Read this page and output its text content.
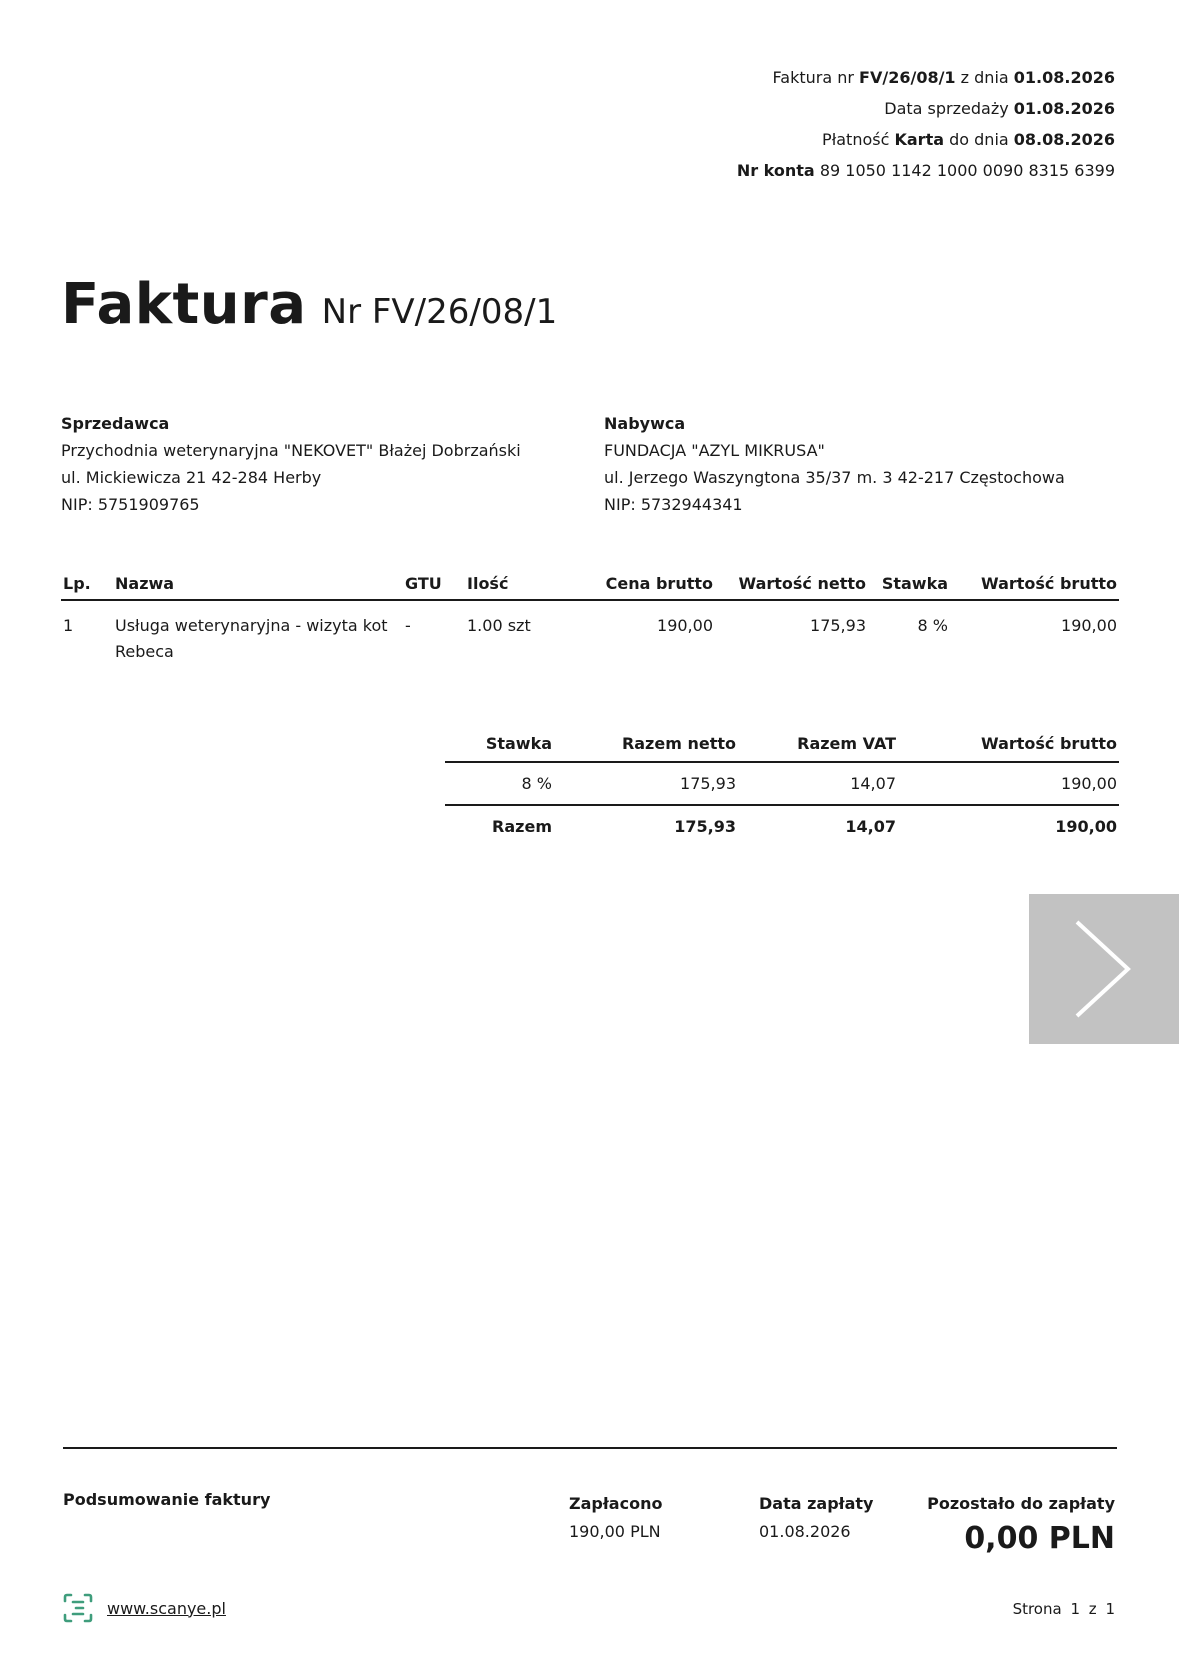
Faktura nr FV/26/08/1 z dnia 01.08.2026
Data sprzedaży 01.08.2026
Płatność Karta do dnia 08.08.2026
Nr konta 89 1050 1142 1000 0090 8315 6399
Faktura Nr FV/26/08/1
Sprzedawca
Przychodnia weterynaryjna "NEKOVET" Błażej Dobrzański
ul. Mickiewicza 21 42-284 Herby
NIP: 5751909765
Nabywca
FUNDACJA "AZYL MIKRUSA"
ul. Jerzego Waszyngtona 35/37 m. 3 42-217 Częstochowa
NIP: 5732944341
Lp.	Nazwa	GTU	Ilość	Cena brutto	Wartość netto	Stawka	Wartość brutto
1	Usługa weterynaryjna - wizyta kot Rebeca	-	1.00 szt	190,00	175,93	8 %	190,00
Stawka	Razem netto	Razem VAT	Wartość brutto
8 %	175,93	14,07	190,00
Razem	175,93	14,07	190,00
Podsumowanie faktury	Zapłacono
190,00 PLN
Data zapłaty
01.08.2026
Pozostało do zapłaty
0,00 PLN
www.scanye.pl	Strona 1 z 1
